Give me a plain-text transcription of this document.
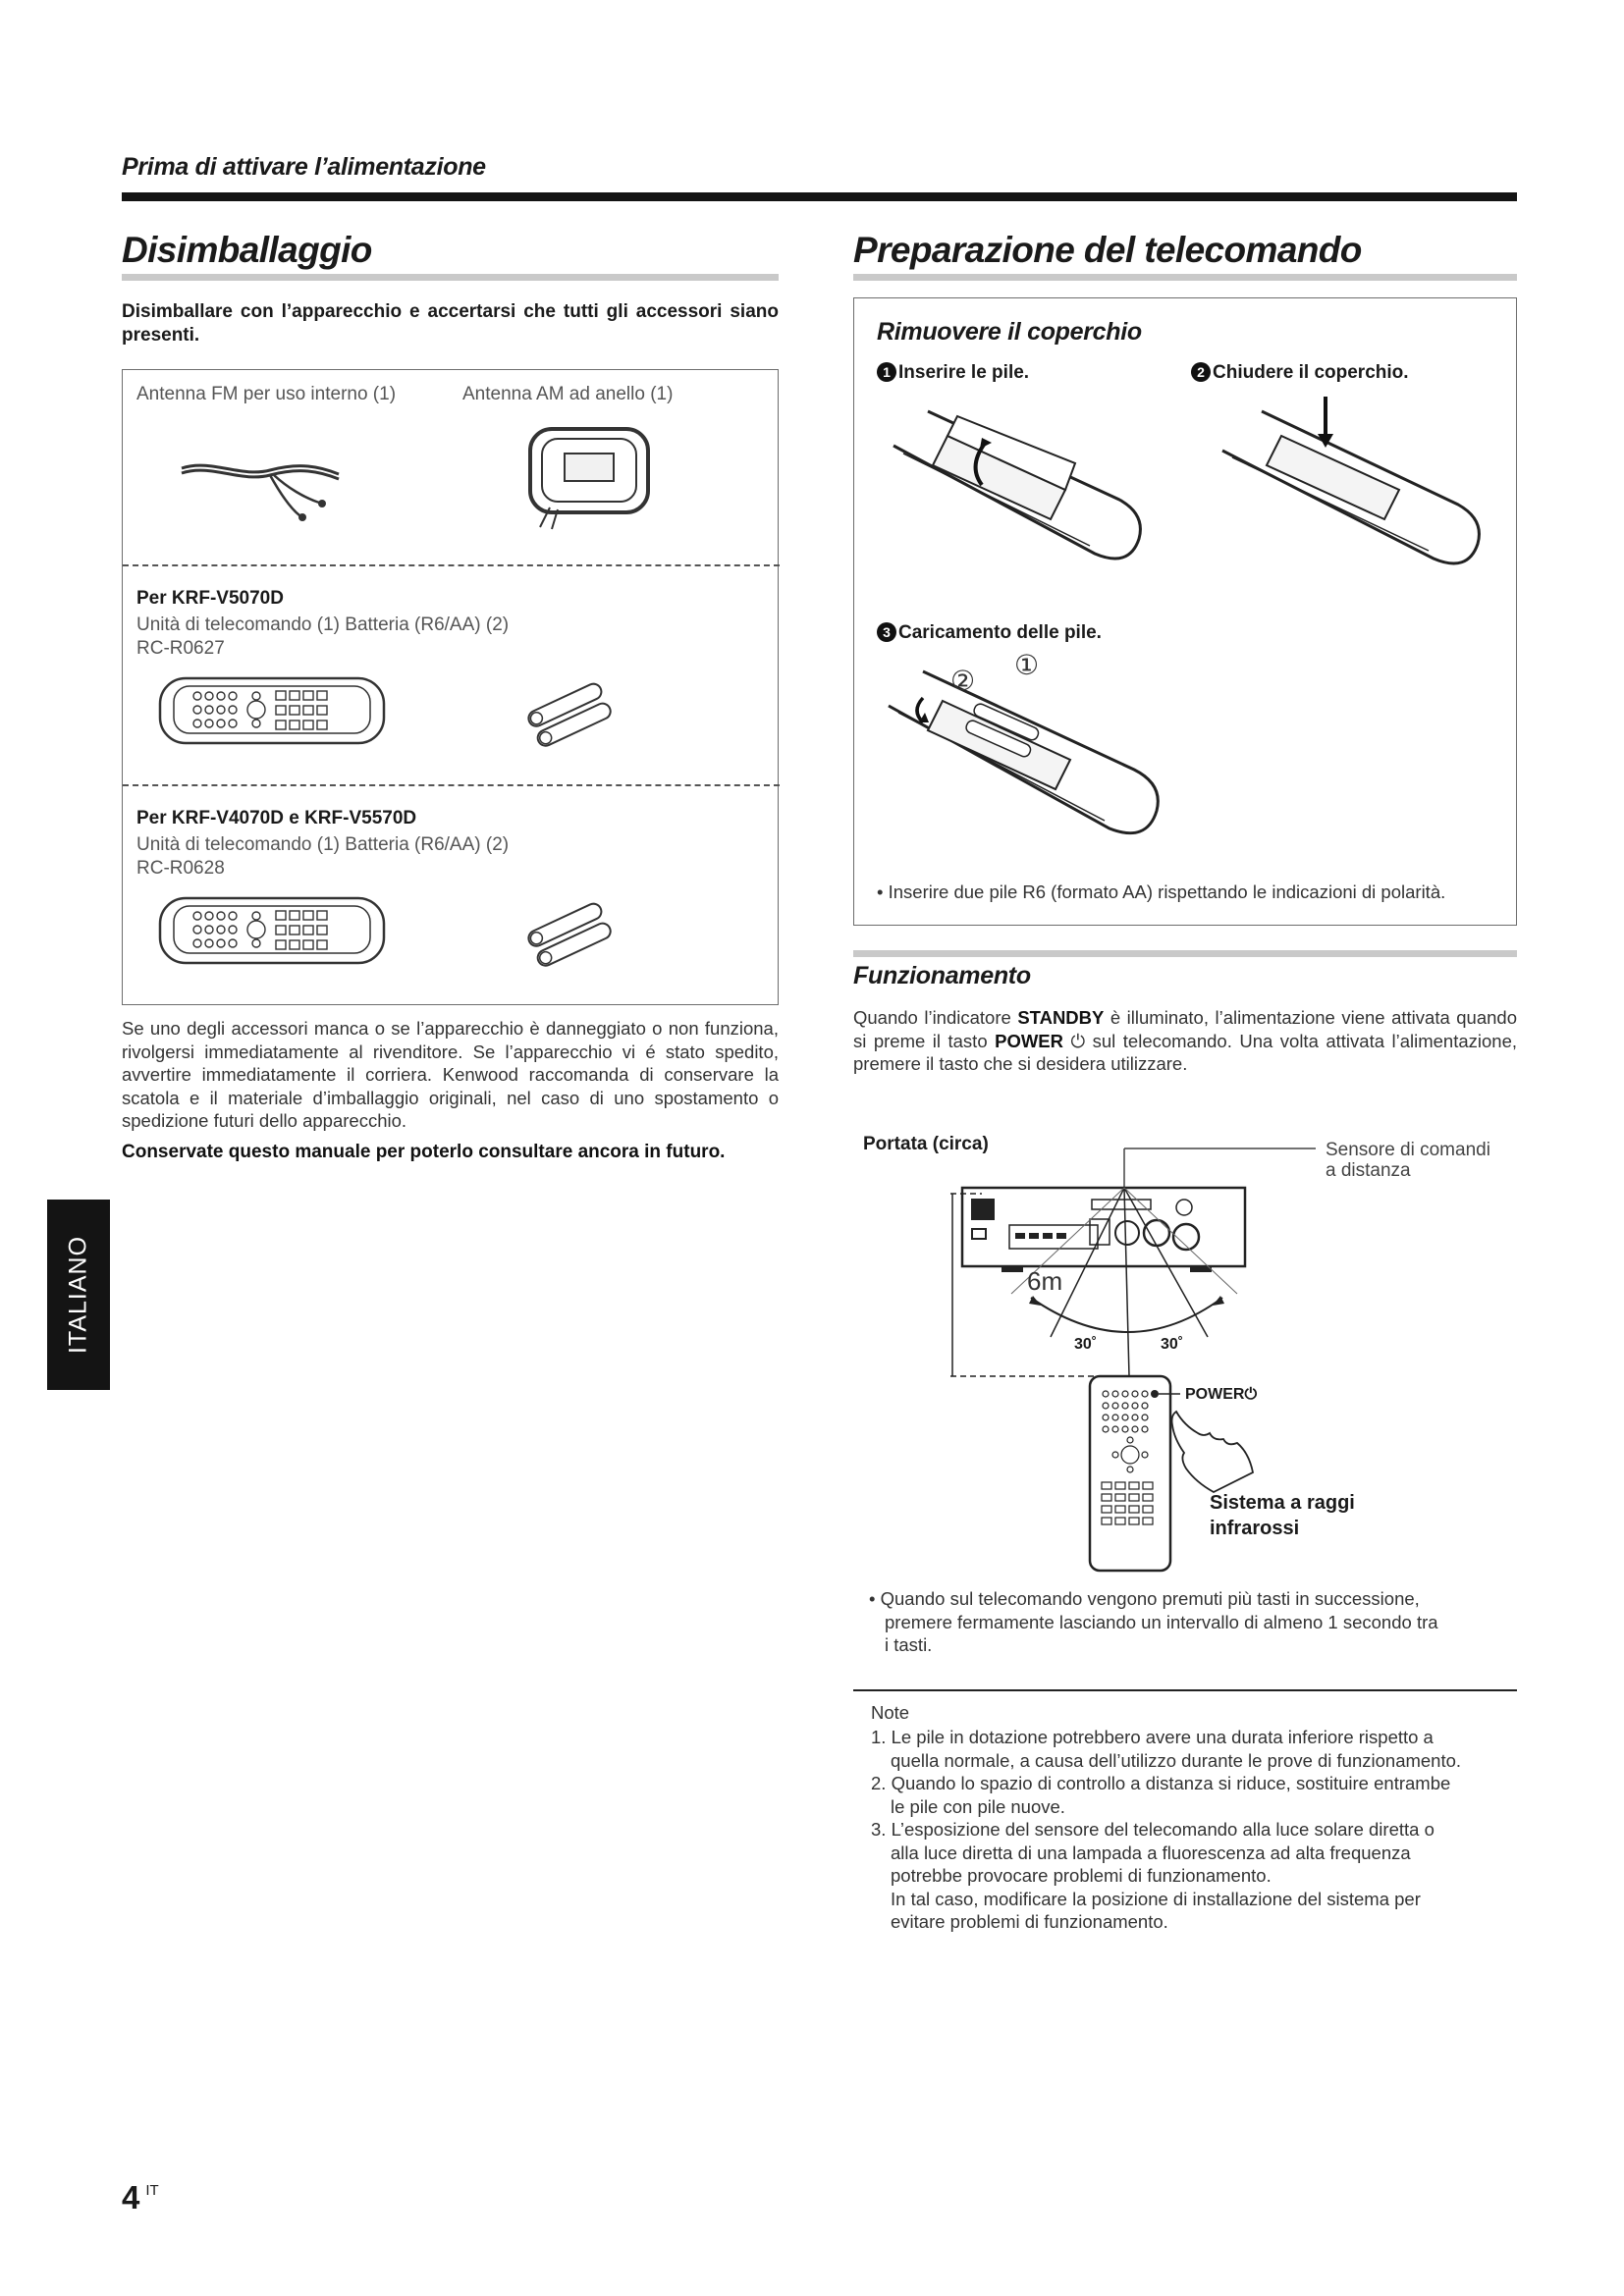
Prima di attivare l’alimentazione
Disimballaggio
Disimballare con l’apparecchio e accertarsi che tutti gli accessori siano presenti.
Antenna FM per uso interno (1)	Antenna AM ad anello (1)
Per KRF-V5070D
Unità di telecomando (1) Batteria (R6/AA) (2)
RC-R0627
Per KRF-V4070D e KRF-V5570D
Unità di telecomando (1) Batteria (R6/AA) (2)
RC-R0628
Se uno degli accessori manca o se l’apparecchio è danneggiato o non funziona, rivolgersi immediatamente al rivenditore. Se l’apparecchio vi é stato spedito, avvertire immediatamente il corriera. Kenwood raccomanda di conservare la scatola e il materiale d’imballaggio originali, nel caso di uno spostamento o spedizione futuri dello apparecchio.
Conservate questo manuale per poterlo consultare ancora in futuro.
ITALIANO
Preparazione del telecomando
Rimuovere il coperchio
1 Inserire le pile.	2 Chiudere il coperchio.
3 Caricamento delle pile.
②
①
• Inserire due pile R6 (formato AA) rispettando le indicazioni di polarità.
Funzionamento
Quando l’indicatore STANDBY è illuminato, l’alimentazione viene attivata quando si preme il tasto POWER ⏻ sul telecomando. Una volta attivata l’alimentazione, premere il tasto che si desidera utilizzare.
Portata (circa)	Sensore di comandi
a distanza
6m
30˚	30˚
POWER⏻
Sistema a raggi
infrarossi
• Quando sul telecomando vengono premuti più tasti in successione,
premere fermamente lasciando un intervallo di almeno 1 secondo tra
i tasti.
Note
1. Le pile in dotazione potrebbero avere una durata inferiore rispetto a
quella normale, a causa dell’utilizzo durante le prove di funzionamento.
2. Quando lo spazio di controllo a distanza si riduce, sostituire entrambe
le pile con pile nuove.
3. L’esposizione del sensore del telecomando alla luce solare diretta o
alla luce diretta di una lampada a fluorescenza ad alta frequenza
potrebbe provocare problemi di funzionamento.
In tal caso, modificare la posizione di installazione del sistema per
evitare problemi di funzionamento.
4 $^{IT}$
